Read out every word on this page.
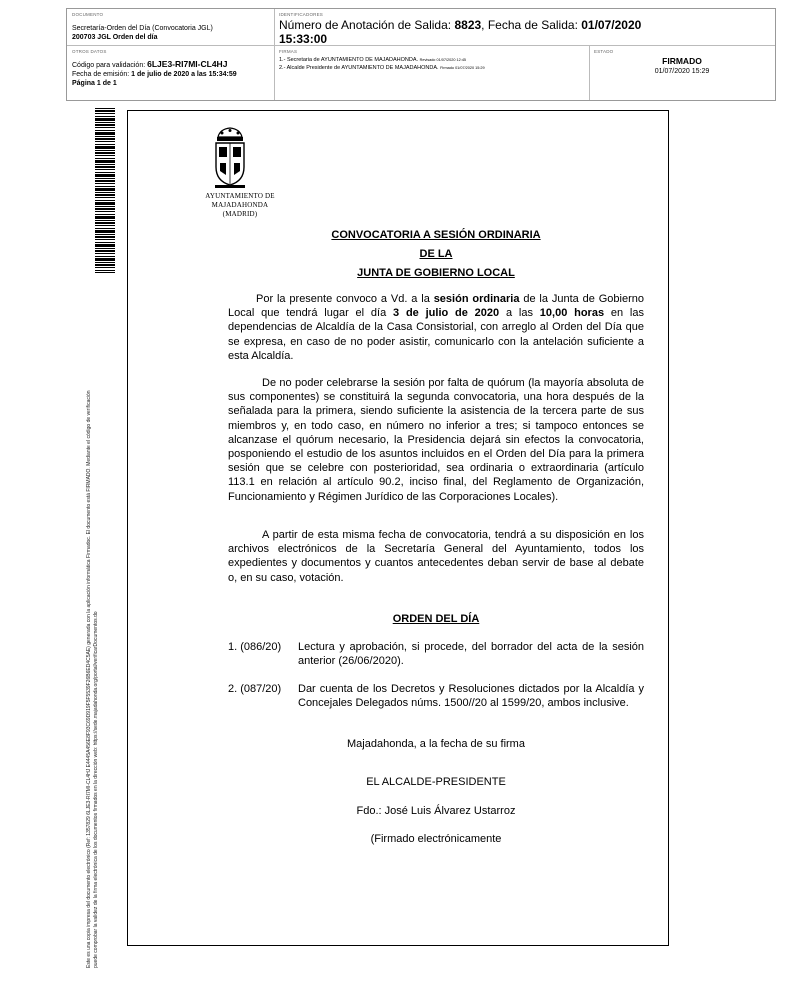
DOCUMENTO
Secretaría-Orden del Día (Convocatoria JGL)
200703 JGL Orden del día
OTROS DATOS
Código para validación: 6LJE3-RI7MI-CL4HJ
Fecha de emisión: 1 de julio de 2020 a las 15:34:59
Página 1 de 1
IDENTIFICADORES
Número de Anotación de Salida: 8823, Fecha de Salida: 01/07/2020
15:33:00
FIRMAS
1.- Secretaria de AYUNTAMIENTO DE MAJADAHONDA. Revisado 01/07/2020 12:45
2.- Alcalde Presidente de AYUNTAMIENTO DE MAJADAHONDA. Firmado 01/07/2020 15:29
ESTADO
FIRMADO
01/07/2020 15:29
Este es una copia impresa del documento electrónico (Ref: 1357829 6LJE3-RI7MI-CL4HJ E4445A456E8F93C69D919F5F5539F26B6ED4C5AE) generada con la aplicación informática Firmadoc. El documento está FIRMADO. Mediante el código de verificación puede comprobar la validez de la firma electrónica de los documentos firmados en la dirección web: https://sede.majadahonda.org/portal/verificarDocumentos.do
AYUNTAMIENTO DE
MAJADAHONDA
(MADRID)
CONVOCATORIA A SESIÓN ORDINARIA
DE LA
JUNTA DE GOBIERNO LOCAL
Por la presente convoco a Vd. a la sesión ordinaria de la Junta de Gobierno Local que tendrá lugar el día 3 de julio de 2020 a las 10,00 horas en las dependencias de Alcaldía de la Casa Consistorial, con arreglo al Orden del Día que se expresa, en caso de no poder asistir, comunicarlo con la antelación suficiente a esta Alcaldía.
De no poder celebrarse la sesión por falta de quórum (la mayoría absoluta de sus componentes) se constituirá la segunda convocatoria, una hora después de la señalada para la primera, siendo suficiente la asistencia de la tercera parte de sus miembros y, en todo caso, en número no inferior a tres; si tampoco entonces se alcanzase el quórum necesario, la Presidencia dejará sin efectos la convocatoria, posponiendo el estudio de los asuntos incluidos en el Orden del Día para la primera sesión que se celebre con posterioridad, sea ordinaria o extraordinaria (artículo 113.1 en relación al artículo 90.2, inciso final, del Reglamento de Organización, Funcionamiento y Régimen Jurídico de las Corporaciones Locales).
A partir de esta misma fecha de convocatoria, tendrá a su disposición en los archivos electrónicos de la Secretaría General del Ayuntamiento, todos los expedientes y documentos y cuantos antecedentes deban servir de base al debate o, en su caso, votación.
ORDEN DEL DÍA
1. (086/20) Lectura y aprobación, si procede, del borrador del acta de la sesión anterior (26/06/2020).
2. (087/20) Dar cuenta de los Decretos y Resoluciones dictados por la Alcaldía y Concejales Delegados núms. 1500//20 al 1599/20, ambos inclusive.
Majadahonda, a la fecha de su firma
EL ALCALDE-PRESIDENTE
Fdo.: José Luis Álvarez Ustarroz
(Firmado electrónicamente
